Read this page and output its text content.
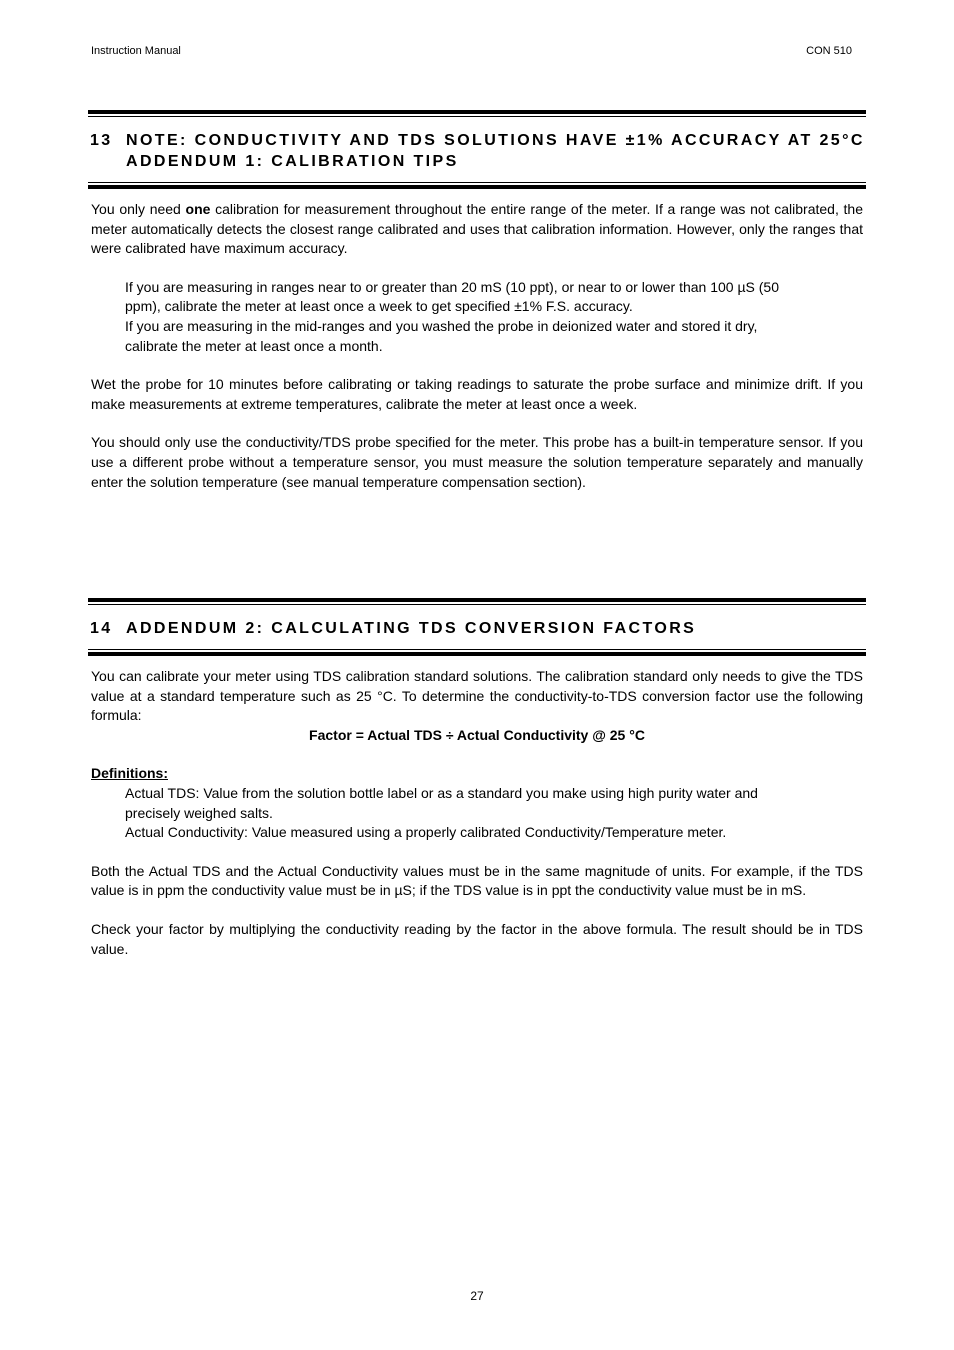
Instruction Manual	CON 510
13 NOTE: CONDUCTIVITY AND TDS SOLUTIONS HAVE ±1% ACCURACY AT 25°C ADDENDUM 1: CALIBRATION TIPS

You only need one calibration for measurement throughout the entire range of the meter. If a range was not calibrated, the meter automatically detects the closest range calibrated and uses that calibration information. However, only the ranges that were calibrated have maximum accuracy.

If you are measuring in ranges near to or greater than 20 mS (10 ppt), or near to or lower than 100 µS (50 ppm), calibrate the meter at least once a week to get specified ±1% F.S. accuracy.

If you are measuring in the mid-ranges and you washed the probe in deionized water and stored it dry, calibrate the meter at least once a month.

Wet the probe for 10 minutes before calibrating or taking readings to saturate the probe surface and minimize drift. If you make measurements at extreme temperatures, calibrate the meter at least once a week.

You should only use the conductivity/TDS probe specified for the meter. This probe has a built-in temperature sensor. If you use a different probe without a temperature sensor, you must measure the solution temperature separately and manually enter the solution temperature (see manual temperature compensation section).

14 ADDENDUM 2: CALCULATING TDS CONVERSION FACTORS

You can calibrate your meter using TDS calibration standard solutions. The calibration standard only needs to give the TDS value at a standard temperature such as 25 °C. To determine the conductivity-to-TDS conversion factor use the following formula:

Factor = Actual TDS ÷ Actual Conductivity @ 25 °C

Definitions:

Actual TDS: Value from the solution bottle label or as a standard you make using high purity water and precisely weighed salts.

Actual Conductivity: Value measured using a properly calibrated Conductivity/Temperature meter.

Both the Actual TDS and the Actual Conductivity values must be in the same magnitude of units. For example, if the TDS value is in ppm the conductivity value must be in µS; if the TDS value is in ppt the conductivity value must be in mS.

Check your factor by multiplying the conductivity reading by the factor in the above formula. The result should be in TDS value.

27
